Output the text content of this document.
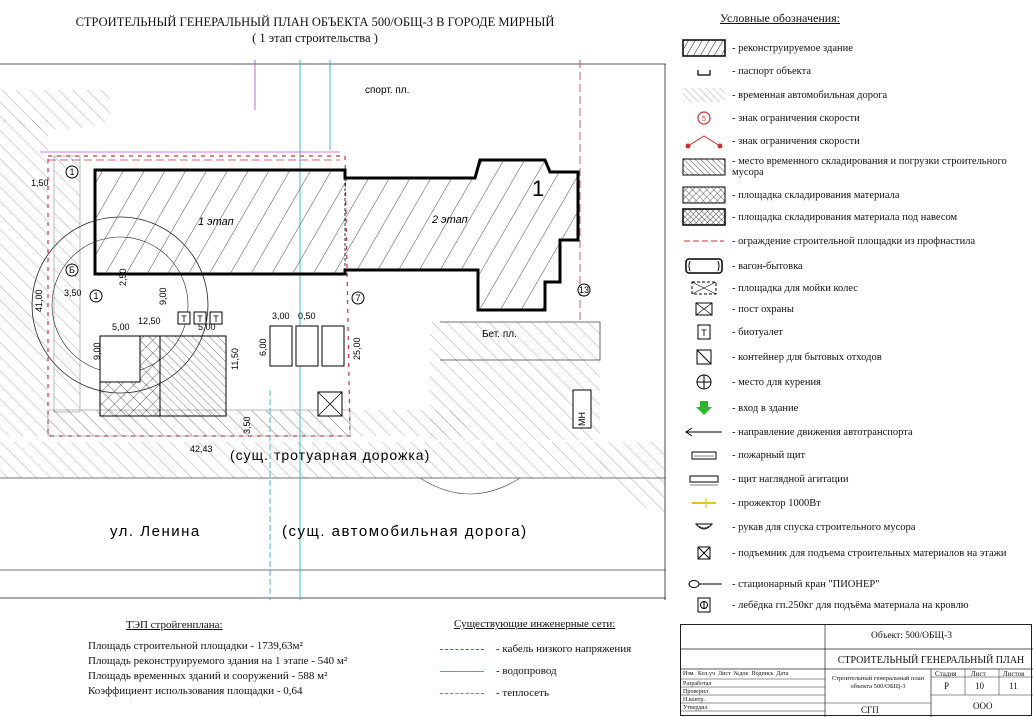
СТРОИТЕЛЬНЫЙ ГЕНЕРАЛЬНЫЙ ПЛАН ОБЪЕКТА 500/ОБЩ-3 В ГОРОДЕ МИРНЫЙ
( 1 этап строительства )
T T T
спорт. пл.
Бет. пл.
(сущ. тротуарная дорожка)
ул. Ленина	(сущ. автомобильная дорога)
1 этап	2 этап
1
МН
1,50
41,00 3,50
2,50
9,00
5,00
12,50
5,00
9,00	11,50
3,00 0,50
6,00	25,00
3,50
42,43
1
Б
1	7
13
Условные обозначения:
- реконструируемое здание
- паспорт объекта
- временная автомобильная дорога
5 - знак ограничения скорости
- знак ограничения скорости
- место временного складирования и погрузки строительного мусора
- площадка складирования материала
- площадка складирования материала под навесом
- ограждение строительной площадки из профнастила
- вагон-бытовка
- площадка для мойки колес
- пост охраны
T - биотуалет
- контейнер для бытовых отходов
- место для курения
- вход в здание
- направление движения автотранспорта
- пожарный щит
- щит наглядной агитации
- прожектор 1000Вт
- рукав для спуска строительного мусора
- подъемник для подъема строительных материалов на этажи
- стационарный кран "ПИОНЕР"
- лебёдка гп.250кг для подъёма материала на кровлю
ТЭП стройгенплана:
Площадь строительной площадки - 1739,63м²
Площадь реконструируемого здания на 1 этапе - 540 м²
Площадь временных зданий и сооружений - 588 м²
Коэффициент использования площадки - 0,64
Существующие инженерные сети:
- кабель низкого напряжения
- водопровод
- теплосеть
Объект: 500/ОБЩ-3
СТРОИТЕЛЬНЫЙ ГЕНЕРАЛЬНЫЙ ПЛАН
Строительный генеральный план объекта 500/ОБЩ-3
Стадия Лист Листов
Р	10	11
ООО
СГП
Изм. Кол.уч Лист №док Подпись Дата
Разработал
Проверил
Н.контр.
Утвердил
